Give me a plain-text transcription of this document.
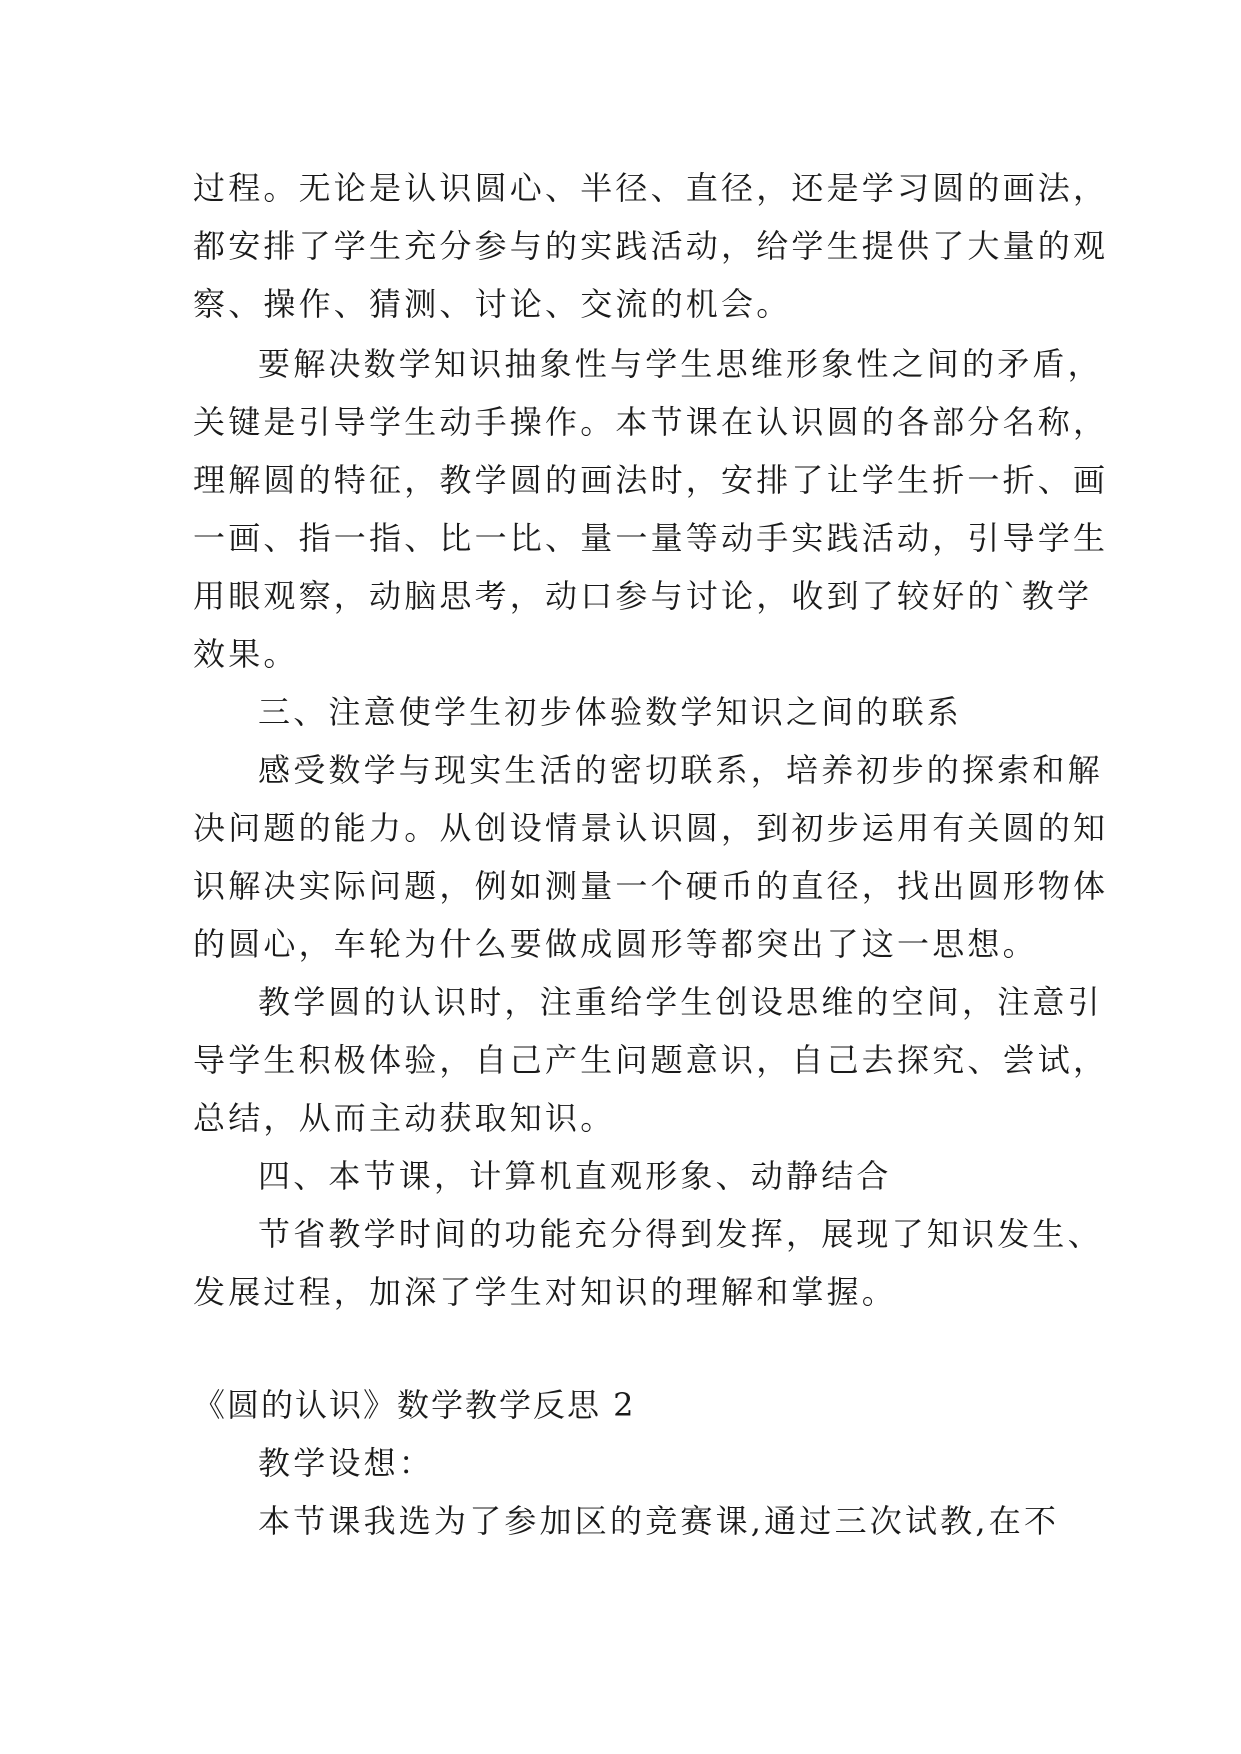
过程。无论是认识圆心、半径、直径，还是学习圆的画法，
都安排了学生充分参与的实践活动，给学生提供了大量的观
察、操作、猜测、讨论、交流的机会。
要解决数学知识抽象性与学生思维形象性之间的矛盾，
关键是引导学生动手操作。本节课在认识圆的各部分名称，
理解圆的特征，教学圆的画法时，安排了让学生折一折、画
一画、指一指、比一比、量一量等动手实践活动，引导学生
用眼观察，动脑思考，动口参与讨论，收到了较好的`教学
效果。
三、注意使学生初步体验数学知识之间的联系
感受数学与现实生活的密切联系，培养初步的探索和解
决问题的能力。从创设情景认识圆，到初步运用有关圆的知
识解决实际问题，例如测量一个硬币的直径，找出圆形物体
的圆心，车轮为什么要做成圆形等都突出了这一思想。
教学圆的认识时，注重给学生创设思维的空间，注意引
导学生积极体验，自己产生问题意识，自己去探究、尝试，
总结，从而主动获取知识。
四、本节课，计算机直观形象、动静结合
节省教学时间的功能充分得到发挥，展现了知识发生、
发展过程，加深了学生对知识的理解和掌握。
《圆的认识》数学教学反思 2
教学设想：
本节课我选为了参加区的竞赛课,通过三次试教,在不
